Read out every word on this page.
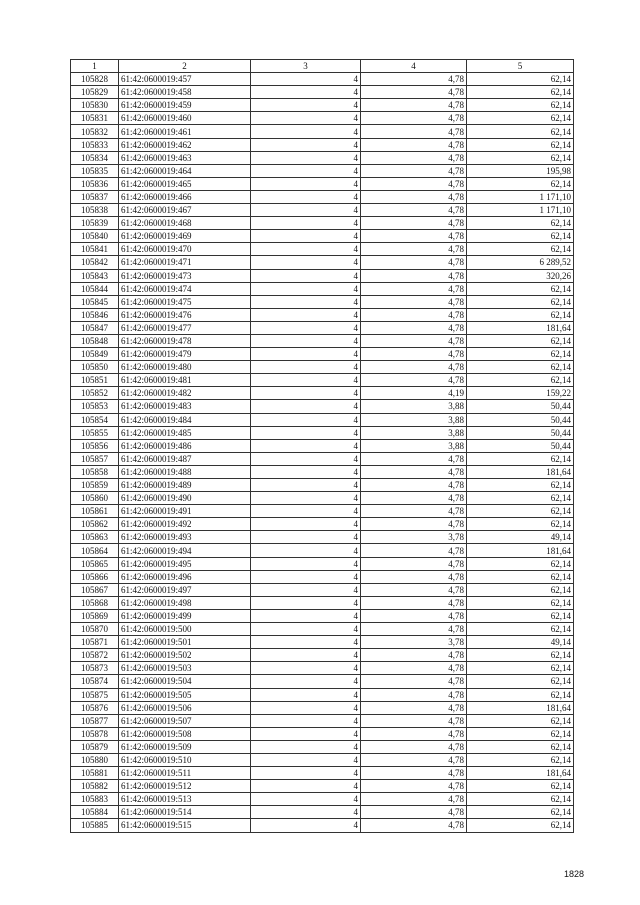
1	2	3	4	5
105828	61:42:0600019:457	4	4,78	62,14
105829	61:42:0600019:458	4	4,78	62,14
105830	61:42:0600019:459	4	4,78	62,14
105831	61:42:0600019:460	4	4,78	62,14
105832	61:42:0600019:461	4	4,78	62,14
105833	61:42:0600019:462	4	4,78	62,14
105834	61:42:0600019:463	4	4,78	62,14
105835	61:42:0600019:464	4	4,78	195,98
105836	61:42:0600019:465	4	4,78	62,14
105837	61:42:0600019:466	4	4,78	1 171,10
105838	61:42:0600019:467	4	4,78	1 171,10
105839	61:42:0600019:468	4	4,78	62,14
105840	61:42:0600019:469	4	4,78	62,14
105841	61:42:0600019:470	4	4,78	62,14
105842	61:42:0600019:471	4	4,78	6 289,52
105843	61:42:0600019:473	4	4,78	320,26
105844	61:42:0600019:474	4	4,78	62,14
105845	61:42:0600019:475	4	4,78	62,14
105846	61:42:0600019:476	4	4,78	62,14
105847	61:42:0600019:477	4	4,78	181,64
105848	61:42:0600019:478	4	4,78	62,14
105849	61:42:0600019:479	4	4,78	62,14
105850	61:42:0600019:480	4	4,78	62,14
105851	61:42:0600019:481	4	4,78	62,14
105852	61:42:0600019:482	4	4,19	159,22
105853	61:42:0600019:483	4	3,88	50,44
105854	61:42:0600019:484	4	3,88	50,44
105855	61:42:0600019:485	4	3,88	50,44
105856	61:42:0600019:486	4	3,88	50,44
105857	61:42:0600019:487	4	4,78	62,14
105858	61:42:0600019:488	4	4,78	181,64
105859	61:42:0600019:489	4	4,78	62,14
105860	61:42:0600019:490	4	4,78	62,14
105861	61:42:0600019:491	4	4,78	62,14
105862	61:42:0600019:492	4	4,78	62,14
105863	61:42:0600019:493	4	3,78	49,14
105864	61:42:0600019:494	4	4,78	181,64
105865	61:42:0600019:495	4	4,78	62,14
105866	61:42:0600019:496	4	4,78	62,14
105867	61:42:0600019:497	4	4,78	62,14
105868	61:42:0600019:498	4	4,78	62,14
105869	61:42:0600019:499	4	4,78	62,14
105870	61:42:0600019:500	4	4,78	62,14
105871	61:42:0600019:501	4	3,78	49,14
105872	61:42:0600019:502	4	4,78	62,14
105873	61:42:0600019:503	4	4,78	62,14
105874	61:42:0600019:504	4	4,78	62,14
105875	61:42:0600019:505	4	4,78	62,14
105876	61:42:0600019:506	4	4,78	181,64
105877	61:42:0600019:507	4	4,78	62,14
105878	61:42:0600019:508	4	4,78	62,14
105879	61:42:0600019:509	4	4,78	62,14
105880	61:42:0600019:510	4	4,78	62,14
105881	61:42:0600019:511	4	4,78	181,64
105882	61:42:0600019:512	4	4,78	62,14
105883	61:42:0600019:513	4	4,78	62,14
105884	61:42:0600019:514	4	4,78	62,14
105885	61:42:0600019:515	4	4,78	62,14
1828
